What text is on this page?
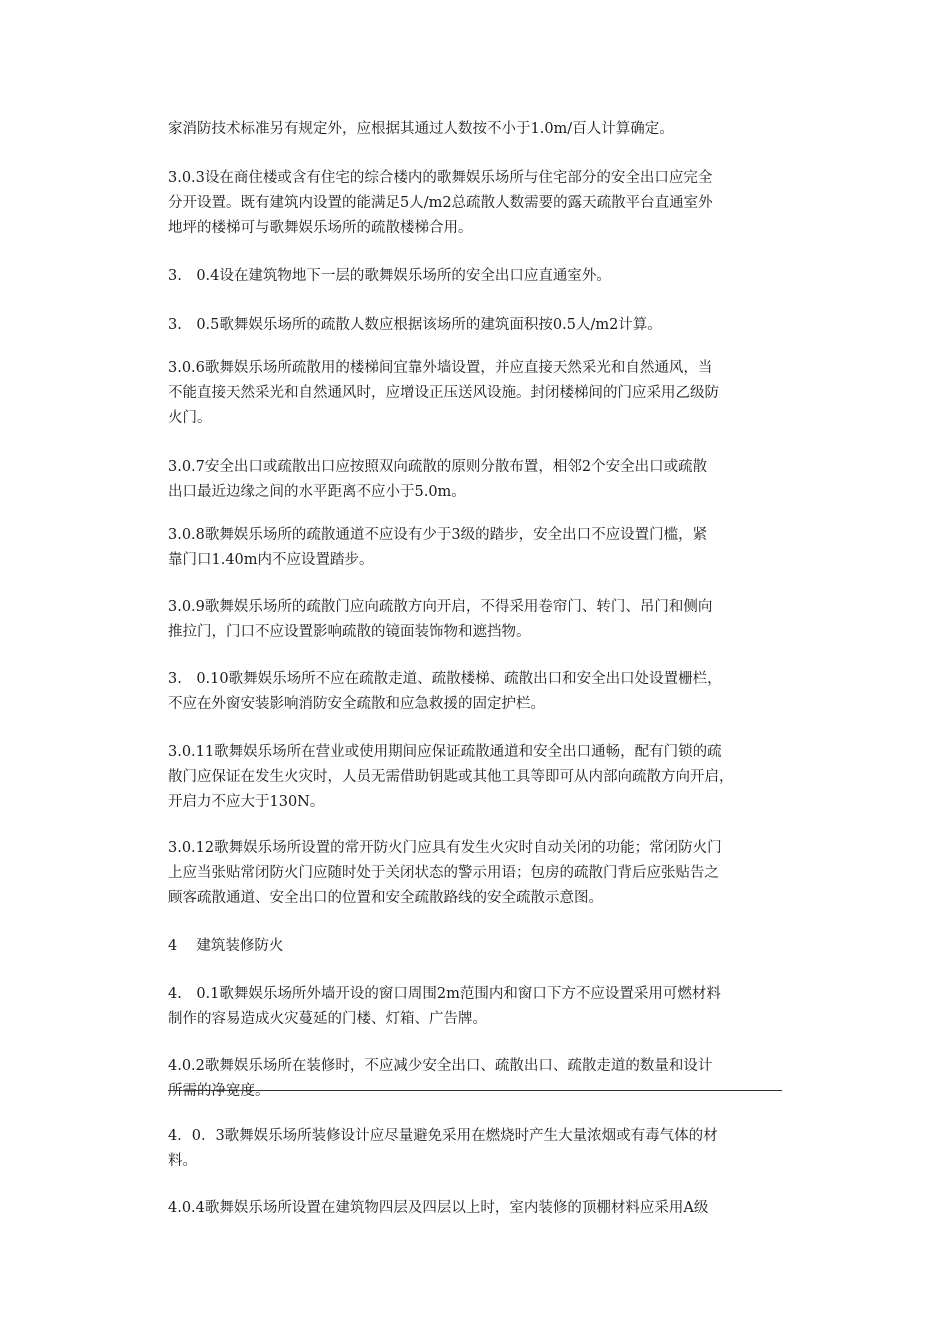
家消防技术标准另有规定外，应根据其通过人数按不小于1.0m/百人计算确定。

3.0.3设在商住楼或含有住宅的综合楼内的歌舞娱乐场所与住宅部分的安全出口应完全
分开设置。既有建筑内设置的能满足5人/m2总疏散人数需要的露天疏散平台直通室外
地坪的楼梯可与歌舞娱乐场所的疏散楼梯合用。

3.　0.4设在建筑物地下一层的歌舞娱乐场所的安全出口应直通室外。

3.　0.5歌舞娱乐场所的疏散人数应根据该场所的建筑面积按0.5人/m2计算。

3.0.6歌舞娱乐场所疏散用的楼梯间宜靠外墙设置，并应直接天然采光和自然通风，当
不能直接天然采光和自然通风时，应增设正压送风设施。封闭楼梯间的门应采用乙级防
火门。

3.0.7安全出口或疏散出口应按照双向疏散的原则分散布置，相邻2个安全出口或疏散
出口最近边缘之间的水平距离不应小于5.0m。

3.0.8歌舞娱乐场所的疏散通道不应设有少于3级的踏步，安全出口不应设置门槛，紧
靠门口1.40m内不应设置踏步。

3.0.9歌舞娱乐场所的疏散门应向疏散方向开启，不得采用卷帘门、转门、吊门和侧向
推拉门，门口不应设置影响疏散的镜面装饰物和遮挡物。

3.　0.10歌舞娱乐场所不应在疏散走道、疏散楼梯、疏散出口和安全出口处设置栅栏，
不应在外窗安装影响消防安全疏散和应急救援的固定护栏。

3.0.11歌舞娱乐场所在营业或使用期间应保证疏散通道和安全出口通畅，配有门锁的疏
散门应保证在发生火灾时，人员无需借助钥匙或其他工具等即可从内部向疏散方向开启，
开启力不应大于130N。

3.0.12歌舞娱乐场所设置的常开防火门应具有发生火灾时自动关闭的功能；常闭防火门
上应当张贴常闭防火门应随时处于关闭状态的警示用语；包房的疏散门背后应张贴告之
顾客疏散通道、安全出口的位置和安全疏散路线的安全疏散示意图。

4　 建筑装修防火

4.　0.1歌舞娱乐场所外墙开设的窗口周围2m范围内和窗口下方不应设置采用可燃材料
制作的容易造成火灾蔓延的门楼、灯箱、广告牌。

4.0.2歌舞娱乐场所在装修时，不应减少安全出口、疏散出口、疏散走道的数量和设计
所需的净宽度。

4．0．3歌舞娱乐场所装修设计应尽量避免采用在燃烧时产生大量浓烟或有毒气体的材
料。

4.0.4歌舞娱乐场所设置在建筑物四层及四层以上时，室内装修的顶棚材料应采用A级
